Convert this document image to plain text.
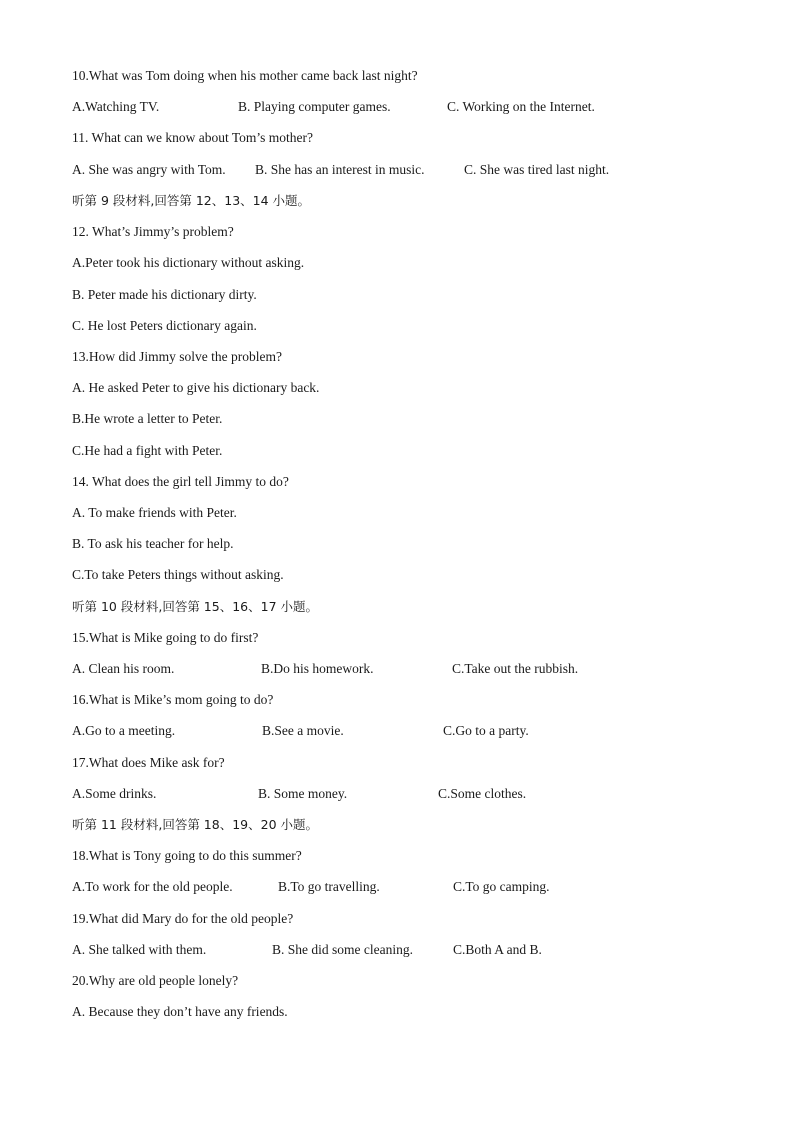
10.What was Tom doing when his mother came back last night?
A.Watching TV.	B. Playing computer games.	C. Working on the Internet.
11. What can we know about Tom’s mother?
A. She was angry with Tom. B. She has an interest in music.	C. She was tired last night.
听第 9 段材料,回答第 12、13、14 小题。
12. What’s Jimmy’s problem?
A.Peter took his dictionary without asking.
B. Peter made his dictionary dirty.
C. He lost Peters dictionary again.
13.How did Jimmy solve the problem?
A. He asked Peter to give his dictionary back.
B.He wrote a letter to Peter.
C.He had a fight with Peter.
14. What does the girl tell Jimmy to do?
A. To make friends with Peter.
B. To ask his teacher for help.
C.To take Peters things without asking.
听第 10 段材料,回答第 15、16、17 小题。
15.What is Mike going to do first?
A. Clean his room.	B.Do his homework.	C.Take out the rubbish.
16.What is Mike’s mom going to do?
A.Go to a meeting.	B.See a movie.	C.Go to a party.
17.What does Mike ask for?
A.Some drinks.	B. Some money.	C.Some clothes.
听第 11 段材料,回答第 18、19、20 小题。
18.What is Tony going to do this summer?
A.To work for the old people.	B.To go travelling.	C.To go camping.
19.What did Mary do for the old people?
A. She talked with them.	B. She did some cleaning.	C.Both A and B.
20.Why are old people lonely?
A. Because they don’t have any friends.
